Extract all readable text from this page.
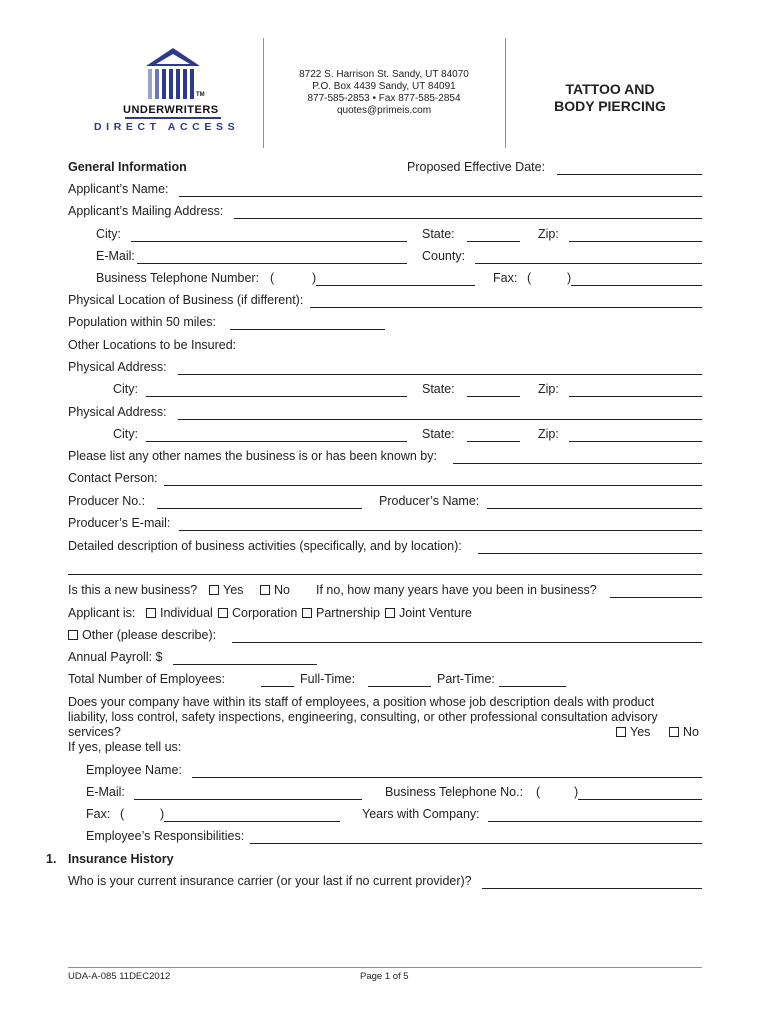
TM
UNDERWRITERS
DIRECT ACCESS
8722 S. Harrison St. Sandy, UT 84070
P.O. Box 4439 Sandy, UT 84091
877-585-2853 • Fax 877-585-2854
quotes@primeis.com
TATTOO AND
BODY PIERCING
General Information	Proposed Effective Date:
Applicant’s Name:
Applicant’s Mailing Address:
City:	State:	Zip:
E-Mail:	County:
Business Telephone Number: (	)	Fax: (	)
Physical Location of Business (if different):
Population within 50 miles:
Other Locations to be Insured:
Physical Address:
City:	State:	Zip:
Physical Address:
City:	State:	Zip:
Please list any other names the business is or has been known by:
Contact Person:
Producer No.:	Producer’s Name:
Producer’s E-mail:
Detailed description of business activities (specifically, and by location):
Is this a new business?	Yes	No If no, how many years have you been in business?
Applicant is:	Individual	Corporation	Partnership	Joint Venture
Other (please describe):
Annual Payroll: $
Total Number of Employees:	Full-Time:	Part-Time:
Does your company have within its staff of employees, a position whose job description deals with product
liability, loss control, safety inspections, engineering, consulting, or other professional consultation advisory
services?	Yes	No
If yes, please tell us:
Employee Name:
E-Mail:	Business Telephone No.: (	)
Fax: (	)	Years with Company:
Employee’s Responsibilities:
1. Insurance History
Who is your current insurance carrier (or your last if no current provider)?
UDA-A-085 11DEC2012	Page 1 of 5
